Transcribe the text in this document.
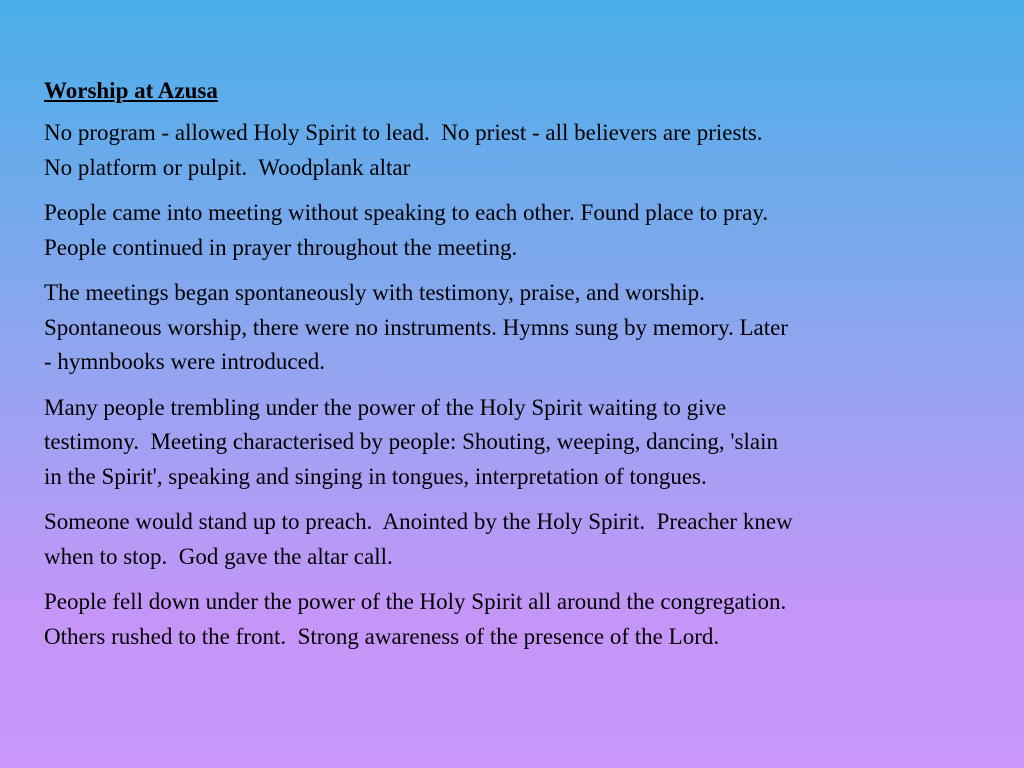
Worship at Azusa
No program - allowed Holy Spirit to lead.  No priest - all believers are priests.
No platform or pulpit.  Woodplank altar
People came into meeting without speaking to each other. Found place to pray.
People continued in prayer throughout the meeting.
The meetings began spontaneously with testimony, praise, and worship.
Spontaneous worship, there were no instruments. Hymns sung by memory. Later
- hymnbooks were introduced.
Many people trembling under the power of the Holy Spirit waiting to give
testimony.  Meeting characterised by people: Shouting, weeping, dancing, 'slain
in the Spirit', speaking and singing in tongues, interpretation of tongues.
Someone would stand up to preach.  Anointed by the Holy Spirit.  Preacher knew
when to stop.  God gave the altar call.
People fell down under the power of the Holy Spirit all around the congregation.
Others rushed to the front.  Strong awareness of the presence of the Lord.
